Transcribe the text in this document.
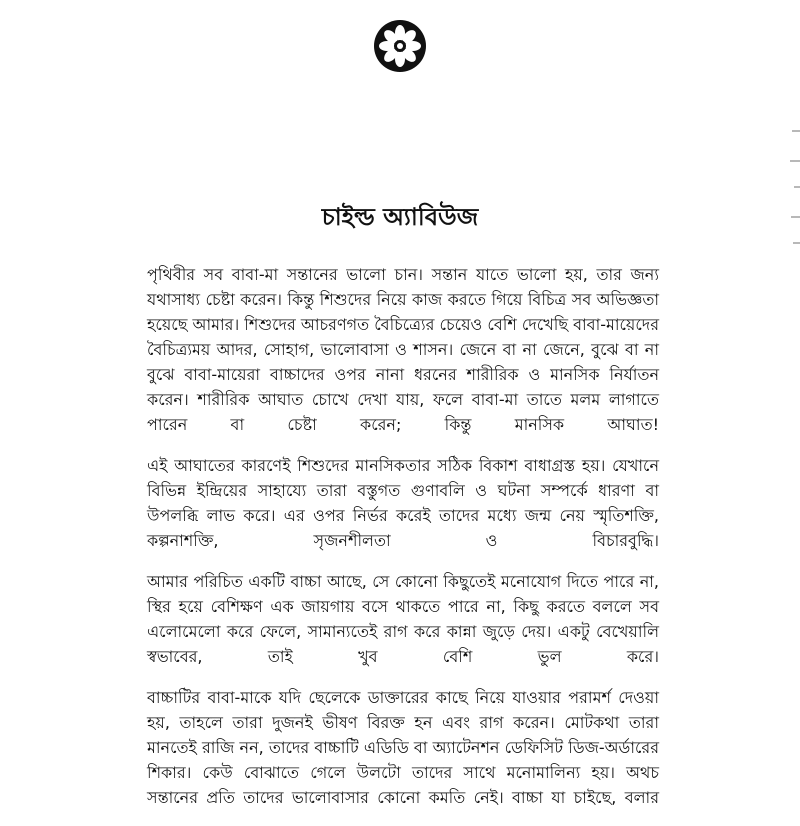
চাইল্ড অ্যাবিউজ

পৃথিবীর সব বাবা-মা সন্তানের ভালো চান। সন্তান যাতে ভালো হয়, তার জন্য যথাসাধ্য চেষ্টা করেন। কিন্তু শিশুদের নিয়ে কাজ করতে গিয়ে বিচিত্র সব অভিজ্ঞতা হয়েছে আমার। শিশুদের আচরণগত বৈচিত্র্যের চেয়েও বেশি দেখেছি বাবা-মায়েদের বৈচিত্র্যময় আদর, সোহাগ, ভালোবাসা ও শাসন। জেনে বা না জেনে, বুঝে বা না বুঝে বাবা-মায়েরা বাচ্চাদের ওপর নানা ধরনের শারীরিক ও মানসিক নির্যাতন করেন। শারীরিক আঘাত চোখে দেখা যায়, ফলে বাবা-মা তাতে মলম লাগাতে পারেন বা চেষ্টা করেন; কিন্তু মানসিক আঘাত!

এই আঘাতের কারণেই শিশুদের মানসিকতার সঠিক বিকাশ বাধাগ্রস্ত হয়। যেখানে বিভিন্ন ইন্দ্রিয়ের সাহায্যে তারা বস্তুগত গুণাবলি ও ঘটনা সম্পর্কে ধারণা বা উপলব্ধি লাভ করে। এর ওপর নির্ভর করেই তাদের মধ্যে জন্ম নেয় স্মৃতিশক্তি, কল্পনাশক্তি, সৃজনশীলতা ও বিচারবুদ্ধি।

আমার পরিচিত একটি বাচ্চা আছে, সে কোনো কিছুতেই মনোযোগ দিতে পারে না, স্থির হয়ে বেশিক্ষণ এক জায়গায় বসে থাকতে পারে না, কিছু করতে বললে সব এলোমেলো করে ফেলে, সামান্যতেই রাগ করে কান্না জুড়ে দেয়। একটু বেখেয়ালি স্বভাবের, তাই খুব বেশি ভুল করে।

বাচ্চাটির বাবা-মাকে যদি ছেলেকে ডাক্তারের কাছে নিয়ে যাওয়ার পরামর্শ দেওয়া হয়, তাহলে তারা দুজনই ভীষণ বিরক্ত হন এবং রাগ করেন। মোটকথা তারা মানতেই রাজি নন, তাদের বাচ্চাটি এডিডি বা অ্যাটেনশন ডেফিসিট ডিজ-অর্ডারের শিকার। কেউ বোঝাতে গেলে উলটো তাদের সাথে মনোমালিন্য হয়। অথচ সন্তানের প্রতি তাদের ভালোবাসার কোনো কমতি নেই। বাচ্চা যা চাইছে, বলার
